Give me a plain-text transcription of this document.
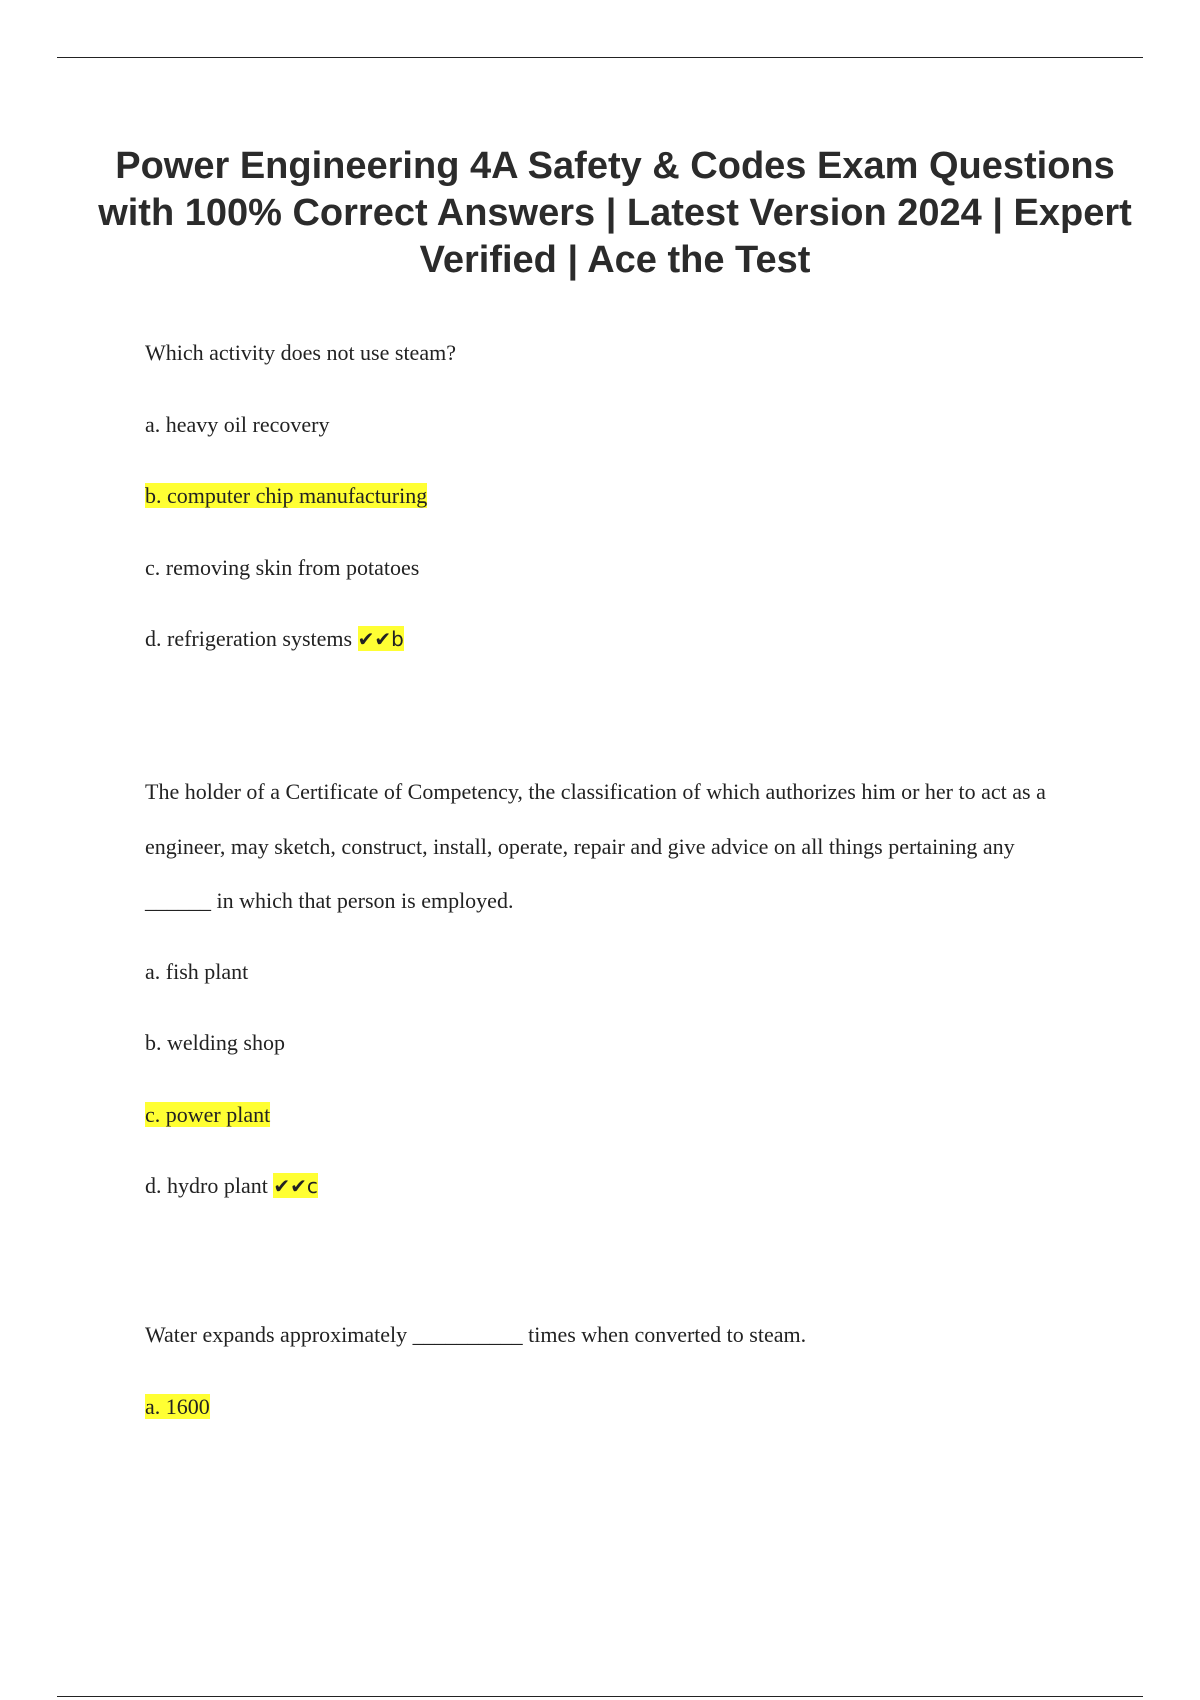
Power Engineering 4A Safety & Codes Exam Questions with 100% Correct Answers | Latest Version 2024 | Expert Verified | Ace the Test
Which activity does not use steam?
a. heavy oil recovery
b. computer chip manufacturing
c. removing skin from potatoes
d. refrigeration systems ✔✔b
The holder of a Certificate of Competency, the classification of which authorizes him or her to act as a engineer, may sketch, construct, install, operate, repair and give advice on all things pertaining any ______ in which that person is employed.
a. fish plant
b. welding shop
c. power plant
d. hydro plant ✔✔c
Water expands approximately __________ times when converted to steam.
a. 1600
